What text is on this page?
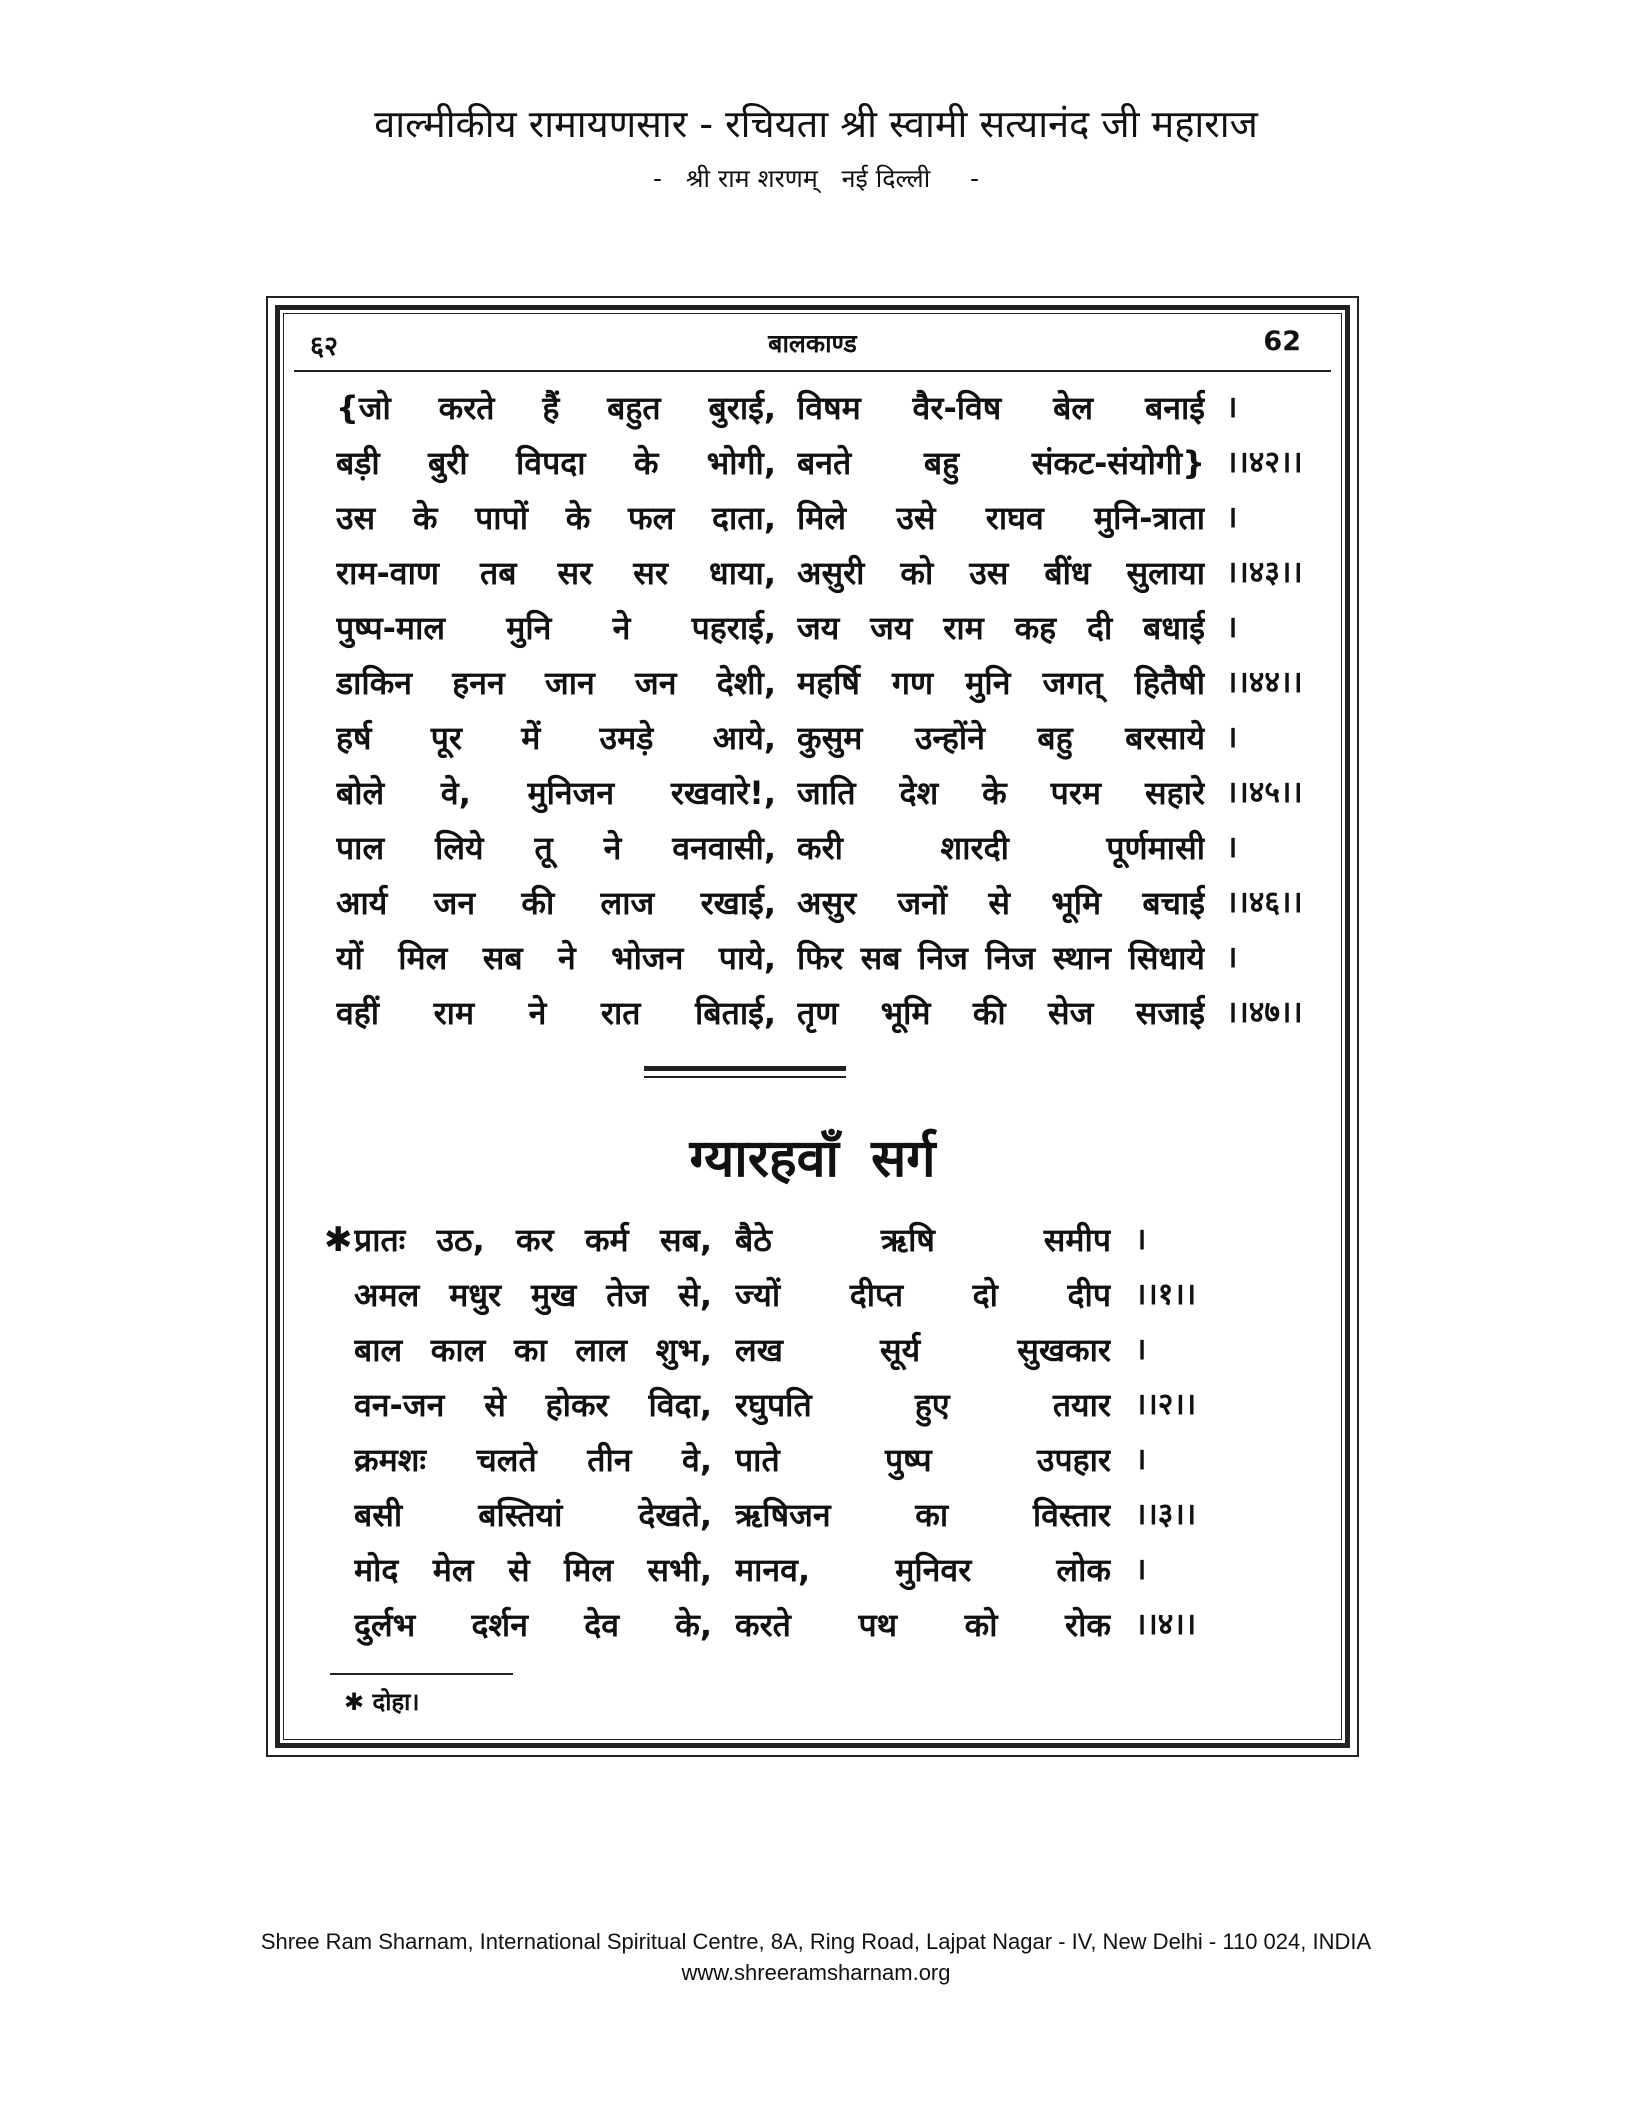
वाल्मीकीय रामायणसार - रचियता श्री स्वामी सत्यानंद जी महाराज
-   श्री राम शरणम्   नई दिल्ली     -
६२	बालकाण्ड	62
{जो करते हैं बहुत बुराई, विषम वैर-विष बेल बनाई ।
बड़ी बुरी विपदा के भोगी, बनते बहु संकट-संयोगी} ।।४२।।
उस के पापों के फल दाता, मिले उसे राघव मुनि-त्राता ।
राम-वाण तब सर सर धाया, असुरी को उस बींध सुलाया ।।४३।।
पुष्प-माल मुनि ने पहराई, जय जय राम कह दी बधाई ।
डाकिन हनन जान जन देशी, महर्षि गण मुनि जगत् हितैषी ।।४४।।
हर्ष पूर में उमड़े आये, कुसुम उन्होंने बहु बरसाये ।
बोले वे, मुनिजन रखवारे!, जाति देश के परम सहारे ।।४५।।
पाल लिये तू ने वनवासी, करी शारदी पूर्णमासी ।
आर्य जन की लाज रखाई, असुर जनों से भूमि बचाई ।।४६।।
यों मिल सब ने भोजन पाये, फिर सब निज निज स्थान सिधाये ।
वहीं राम ने रात बिताई, तृण भूमि की सेज सजाई ।।४७।।
ग्यारहवाँ सर्ग
✱ प्रातः उठ, कर कर्म सब, बैठे ऋषि समीप ।
अमल मधुर मुख तेज से, ज्यों दीप्त दो दीप ।।१।।
बाल काल का लाल शुभ, लख सूर्य सुखकार ।
वन-जन से होकर विदा, रघुपति हुए तयार ।।२।।
क्रमशः चलते तीन वे, पाते पुष्प उपहार ।
बसी बस्तियां देखते, ऋषिजन का विस्तार ।।३।।
मोद मेल से मिल सभी, मानव, मुनिवर लोक ।
दुर्लभ दर्शन देव के, करते पथ को रोक ।।४।।
✱ दोहा।
Shree Ram Sharnam, International Spiritual Centre, 8A, Ring Road, Lajpat Nagar - IV, New Delhi - 110 024, INDIA
www.shreeramsharnam.org
